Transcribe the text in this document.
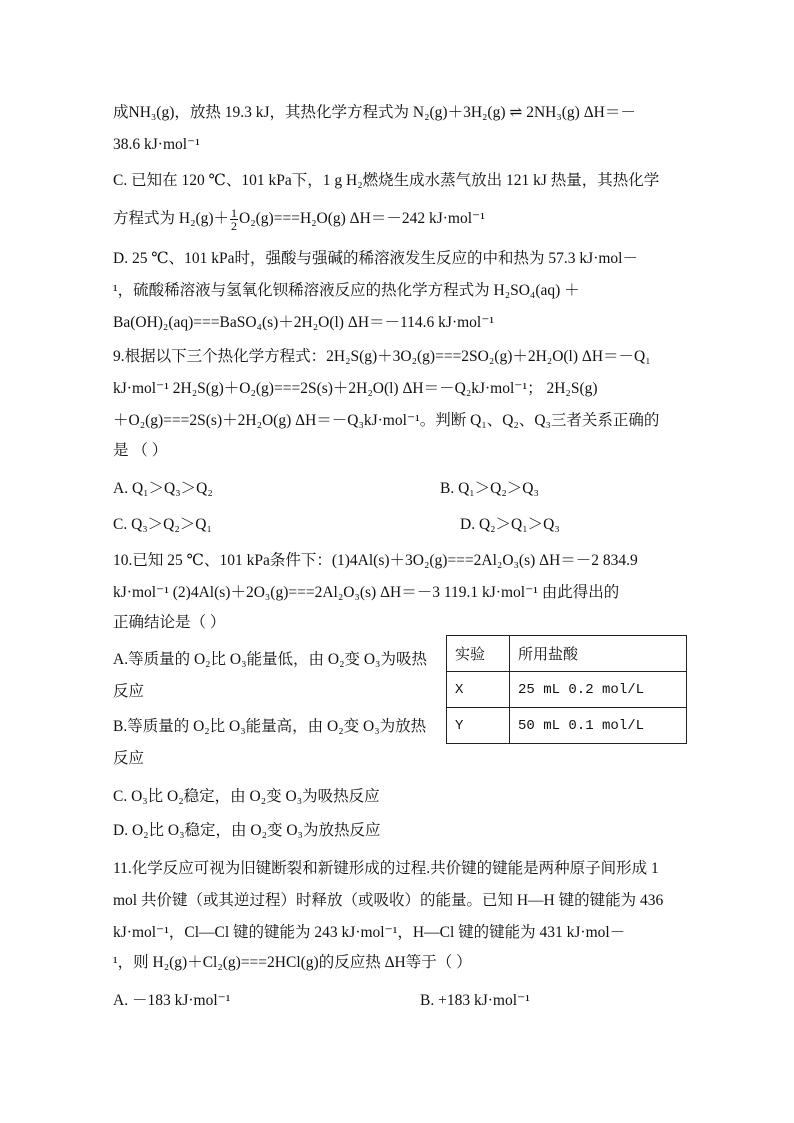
成NH₃(g)，放热 19.3 kJ，其热化学方程式为 N₂(g)＋3H₂(g) ⇌ 2NH₃(g) ΔH＝－
38.6 kJ·mol⁻¹
C. 已知在 120 ℃、101 kPa下，1 g H₂燃烧生成水蒸气放出 121 kJ 热量，其热化学
方程式为 $H_2(g)+ \frac{1}{2} O_2(g)===H_2O(g)$ ΔH＝－242 kJ·mol⁻¹
D. 25 ℃、101 kPa时，强酸与强碱的稀溶液发生反应的中和热为 57.3 kJ·mol－
¹，硫酸稀溶液与氢氧化钡稀溶液反应的热化学方程式为 H₂SO₄(aq) ＋
Ba(OH)₂(aq)===BaSO₄(s)＋2H₂O(l) ΔH＝－114.6 kJ·mol⁻¹
9.根据以下三个热化学方程式：2H₂S(g)＋3O₂(g)===2SO₂(g)＋2H₂O(l) ΔH＝－Q₁
kJ·mol⁻¹ 2H₂S(g)＋O₂(g)===2S(s)＋2H₂O(l) ΔH＝－Q₂kJ·mol⁻¹； 2H₂S(g)
＋O₂(g)===2S(s)＋2H₂O(g) ΔH＝－Q₃kJ·mol⁻¹。判断 Q₁、Q₂、Q₃三者关系正确的
是 （ ）
A. Q₁＞Q₃＞Q₂	B. Q₁＞Q₂＞Q₃
C. Q₃＞Q₂＞Q₁	D. Q₂＞Q₁＞Q₃
10.已知 25 ℃、101 kPa条件下：(1)4Al(s)＋3O₂(g)===2Al₂O₃(s) ΔH＝－2 834.9
kJ·mol⁻¹ (2)4Al(s)＋2O₃(g)===2Al₂O₃(s) ΔH＝－3 119.1 kJ·mol⁻¹ 由此得出的
正确结论是（ ）
A.等质量的 O₂比 O₃能量低，由 O₂变 O₃为吸热
反应
B.等质量的 O₂比 O₃能量高，由 O₂变 O₃为放热
反应
C. O₃比 O₂稳定，由 O₂变 O₃为吸热反应
D. O₂比 O₃稳定，由 O₂变 O₃为放热反应
实验	所用盐酸
X	25 mL 0.2 mol/L
Y	50 mL 0.1 mol/L
11.化学反应可视为旧键断裂和新键形成的过程.共价键的键能是两种原子间形成 1
mol 共价键（或其逆过程）时释放（或吸收）的能量。已知 H—H 键的键能为 436
kJ·mol⁻¹，Cl—Cl 键的键能为 243 kJ·mol⁻¹，H—Cl 键的键能为 431 kJ·mol－
¹，则 H₂(g)＋Cl₂(g)===2HCl(g)的反应热 ΔH等于（ ）
A. －183 kJ·mol⁻¹	B. +183 kJ·mol⁻¹
